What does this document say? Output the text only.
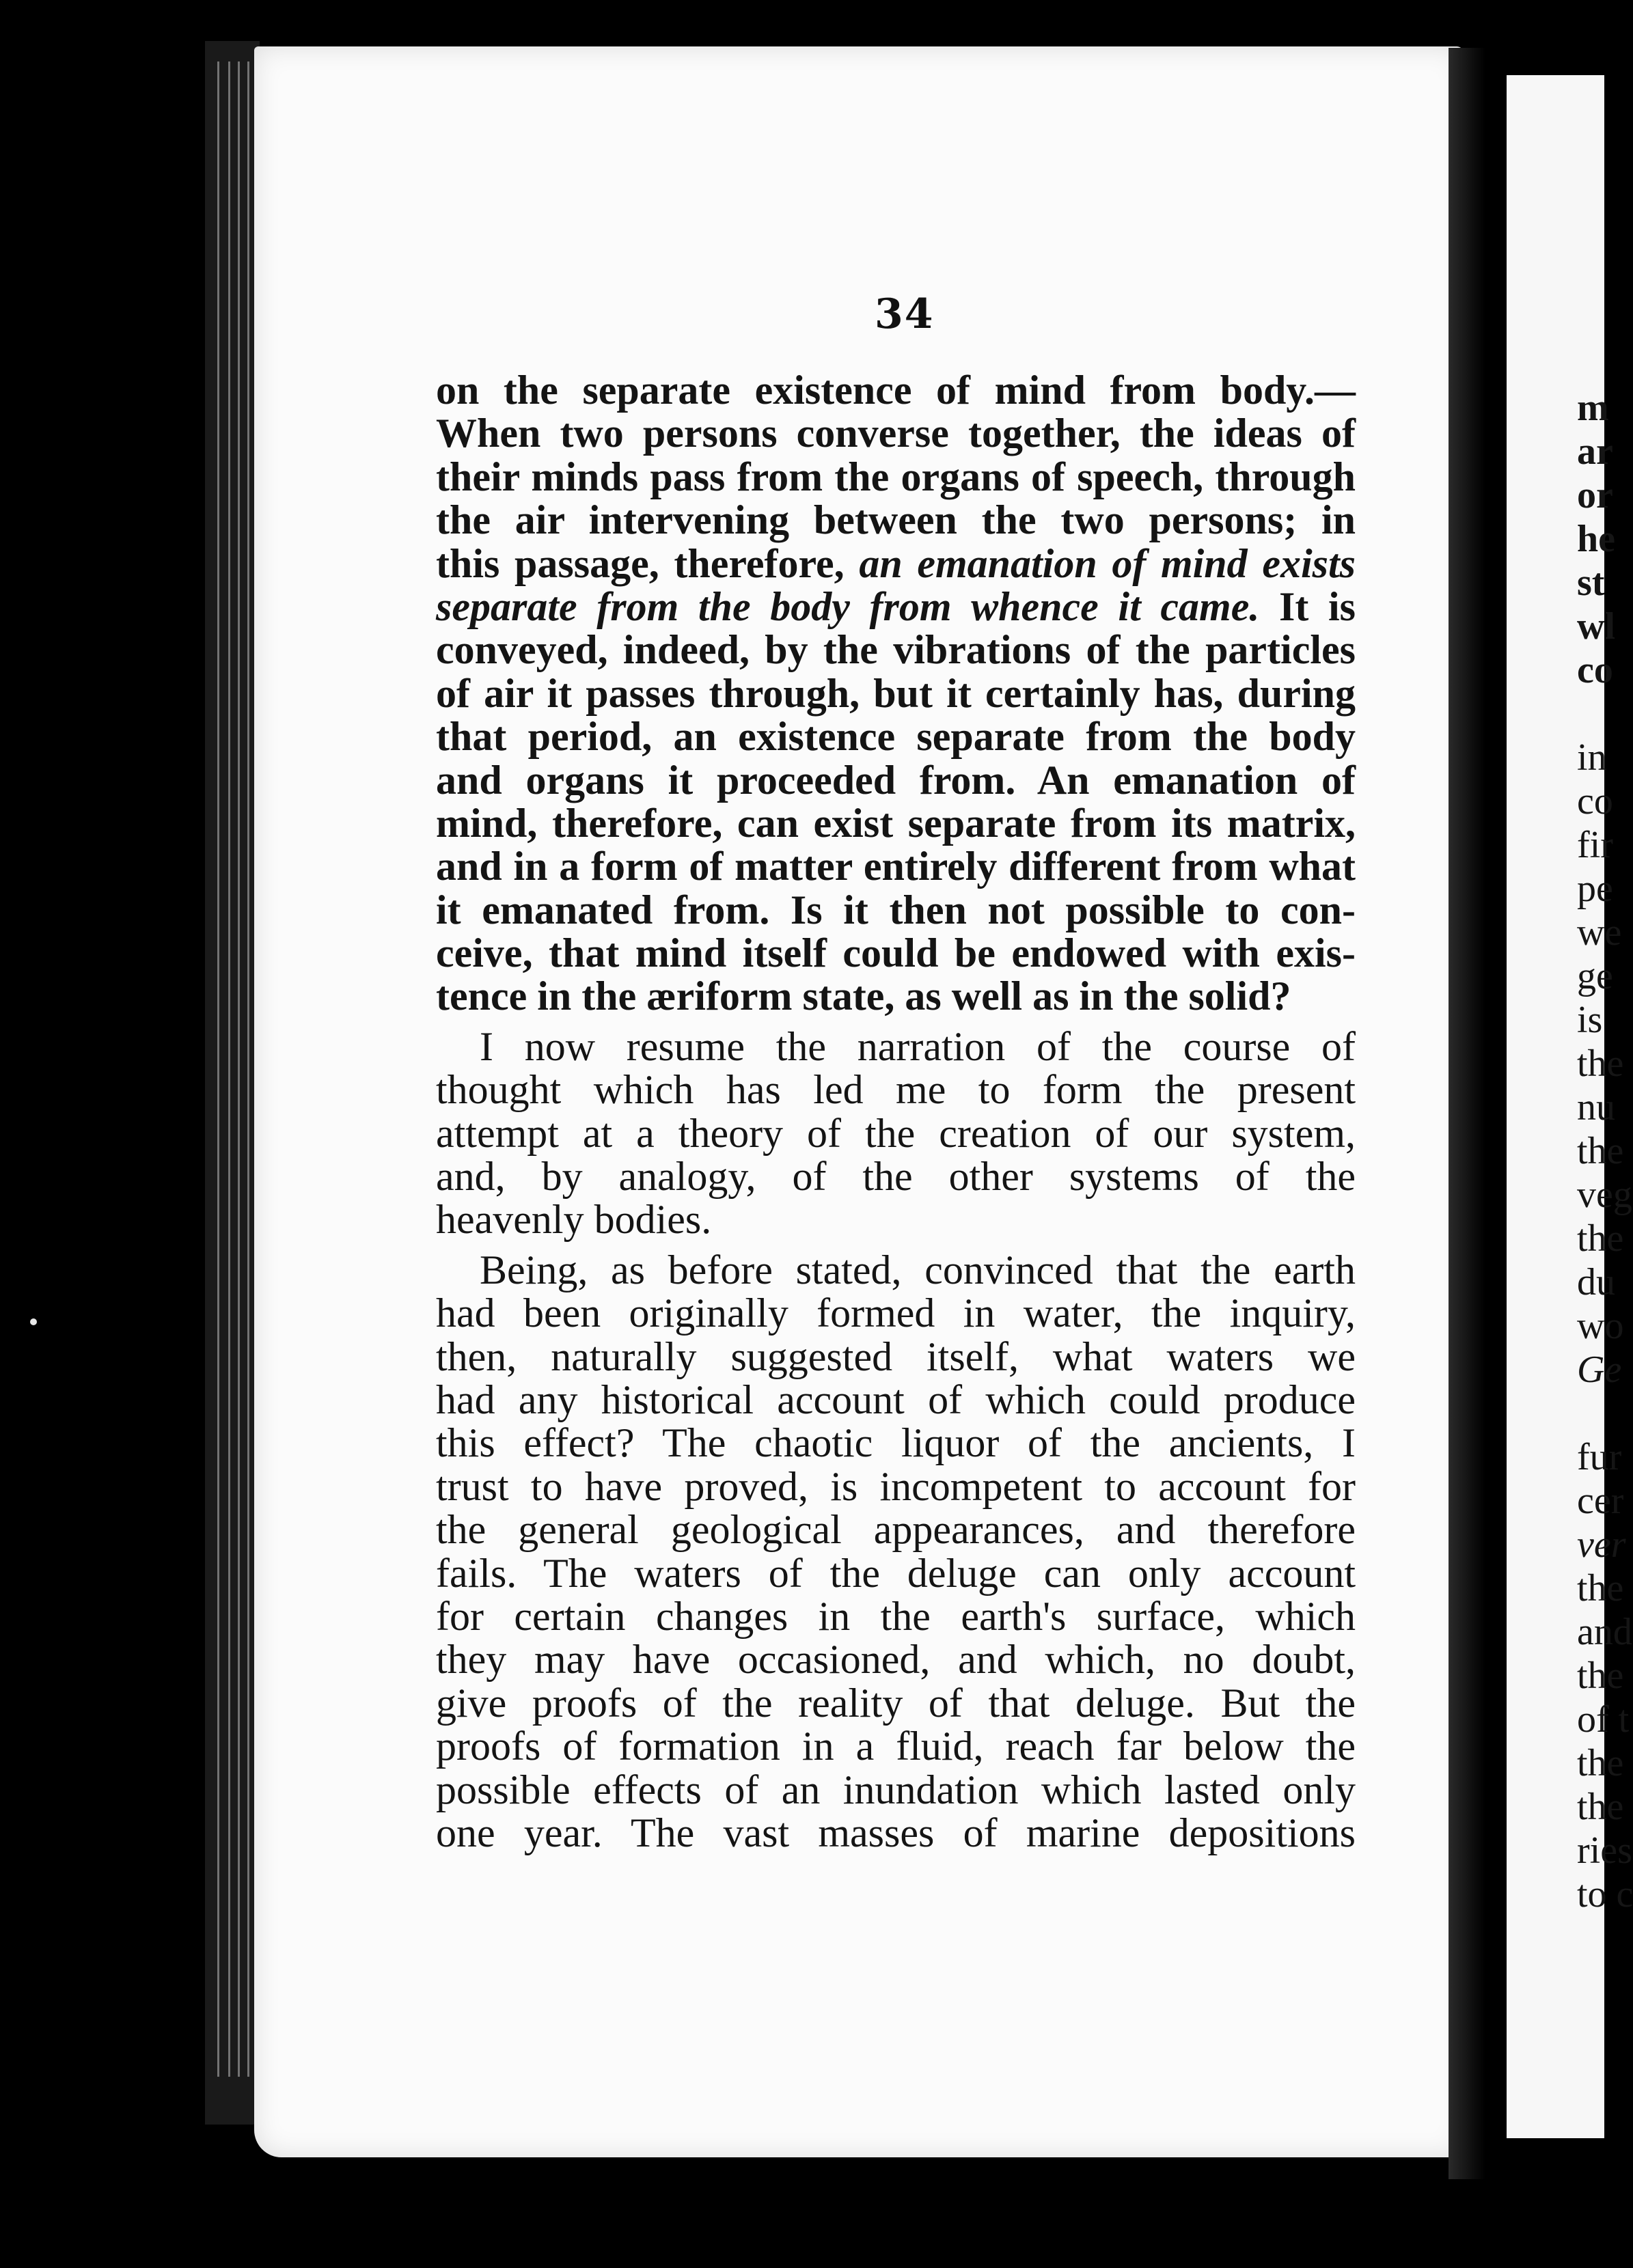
34
on the separate existence of mind from body.—
When two persons converse together, the ideas of
their minds pass from the organs of speech, through
the air intervening between the two persons; in
this passage, therefore, an emanation of mind exists
separate from the body from whence it came. It is
conveyed, indeed, by the vibrations of the particles
of air it passes through, but it certainly has, during
that period, an existence separate from the body
and organs it proceeded from. An emanation of
mind, therefore, can exist separate from its matrix,
and in a form of matter entirely different from what
it emanated from. Is it then not possible to con-
ceive, that mind itself could be endowed with exis-
tence in the æriform state, as well as in the solid?
I now resume the narration of the course of
thought which has led me to form the present
attempt at a theory of the creation of our system,
and, by analogy, of the other systems of the
heavenly bodies.
Being, as before stated, convinced that the earth
had been originally formed in water, the inquiry,
then, naturally suggested itself, what waters we
had any historical account of which could produce
this effect? The chaotic liquor of the ancients, I
trust to have proved, is incompetent to account for
the general geological appearances, and therefore
fails. The waters of the deluge can only account
for certain changes in the earth's surface, which
they may have occasioned, and which, no doubt,
give proofs of the reality of that deluge. But the
proofs of formation in a fluid, reach far below the
possible effects of an inundation which lasted only
one year. The vast masses of marine depositions
m
ar
or
he
st
wl
co
in
co
fir
pe
we
ge
is
the
nu
the
veg
the
du
wo
Ge
fur
cer
ver
the
and
the
of t
the
the
ries
to c
